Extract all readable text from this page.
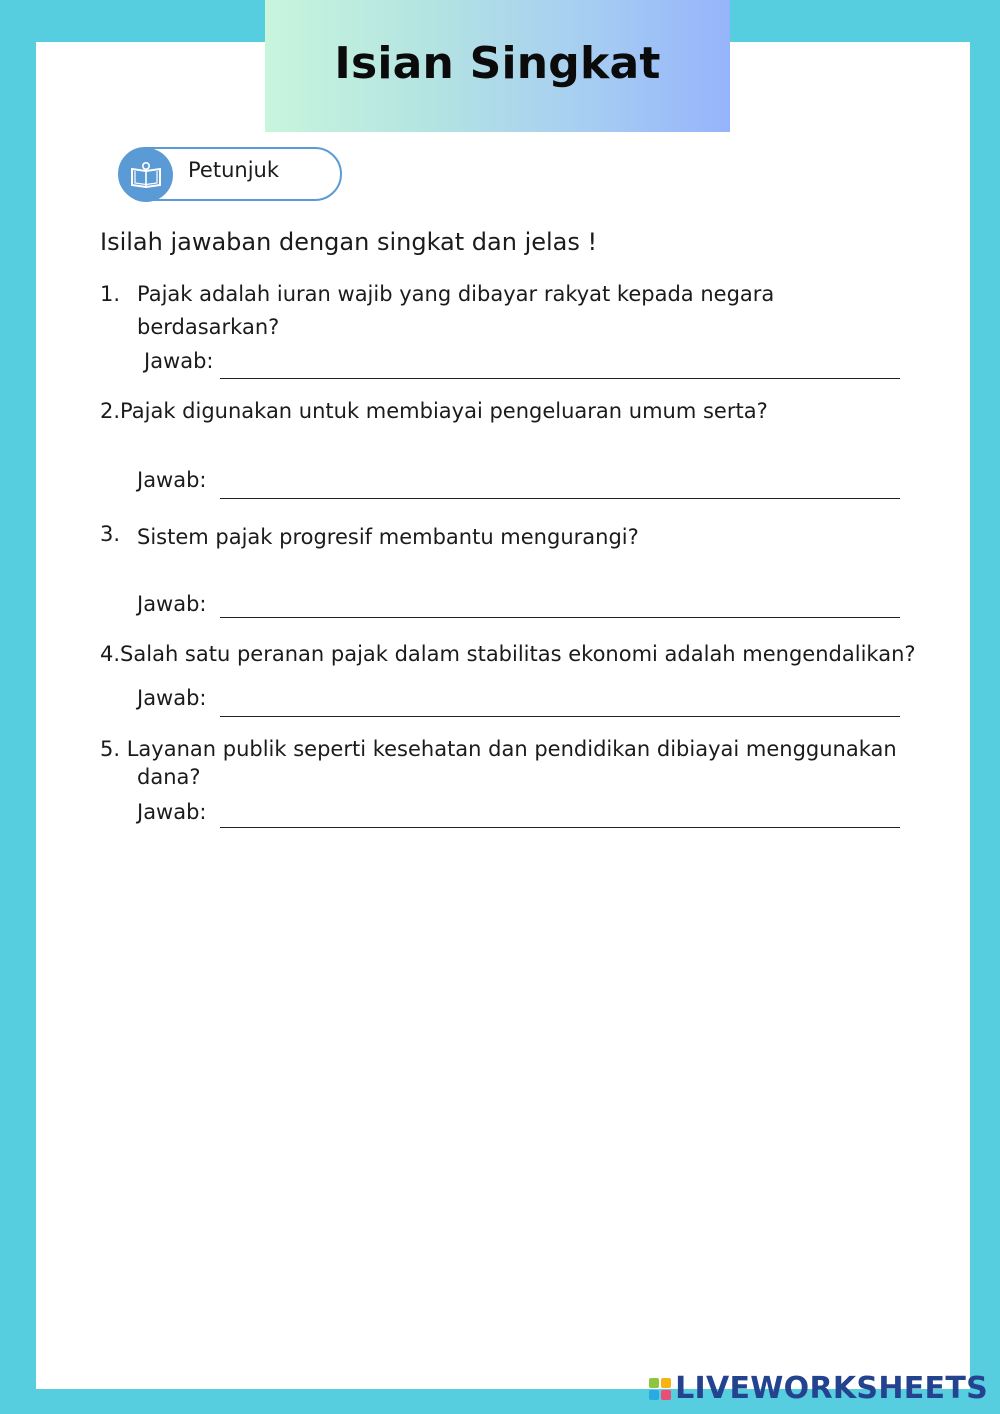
Isian Singkat
Petunjuk
Isilah jawaban dengan singkat dan jelas !
1. Pajak adalah iuran wajib yang dibayar rakyat kepada negara
berdasarkan?
Jawab:
2.Pajak digunakan untuk membiayai pengeluaran umum serta?
Jawab:
3. Sistem pajak progresif membantu mengurangi?
Jawab:
4.Salah satu peranan pajak dalam stabilitas ekonomi adalah mengendalikan?
Jawab:
5. Layanan publik seperti kesehatan dan pendidikan dibiayai menggunakan
dana?
Jawab:
LIVEWORKSHEETS
